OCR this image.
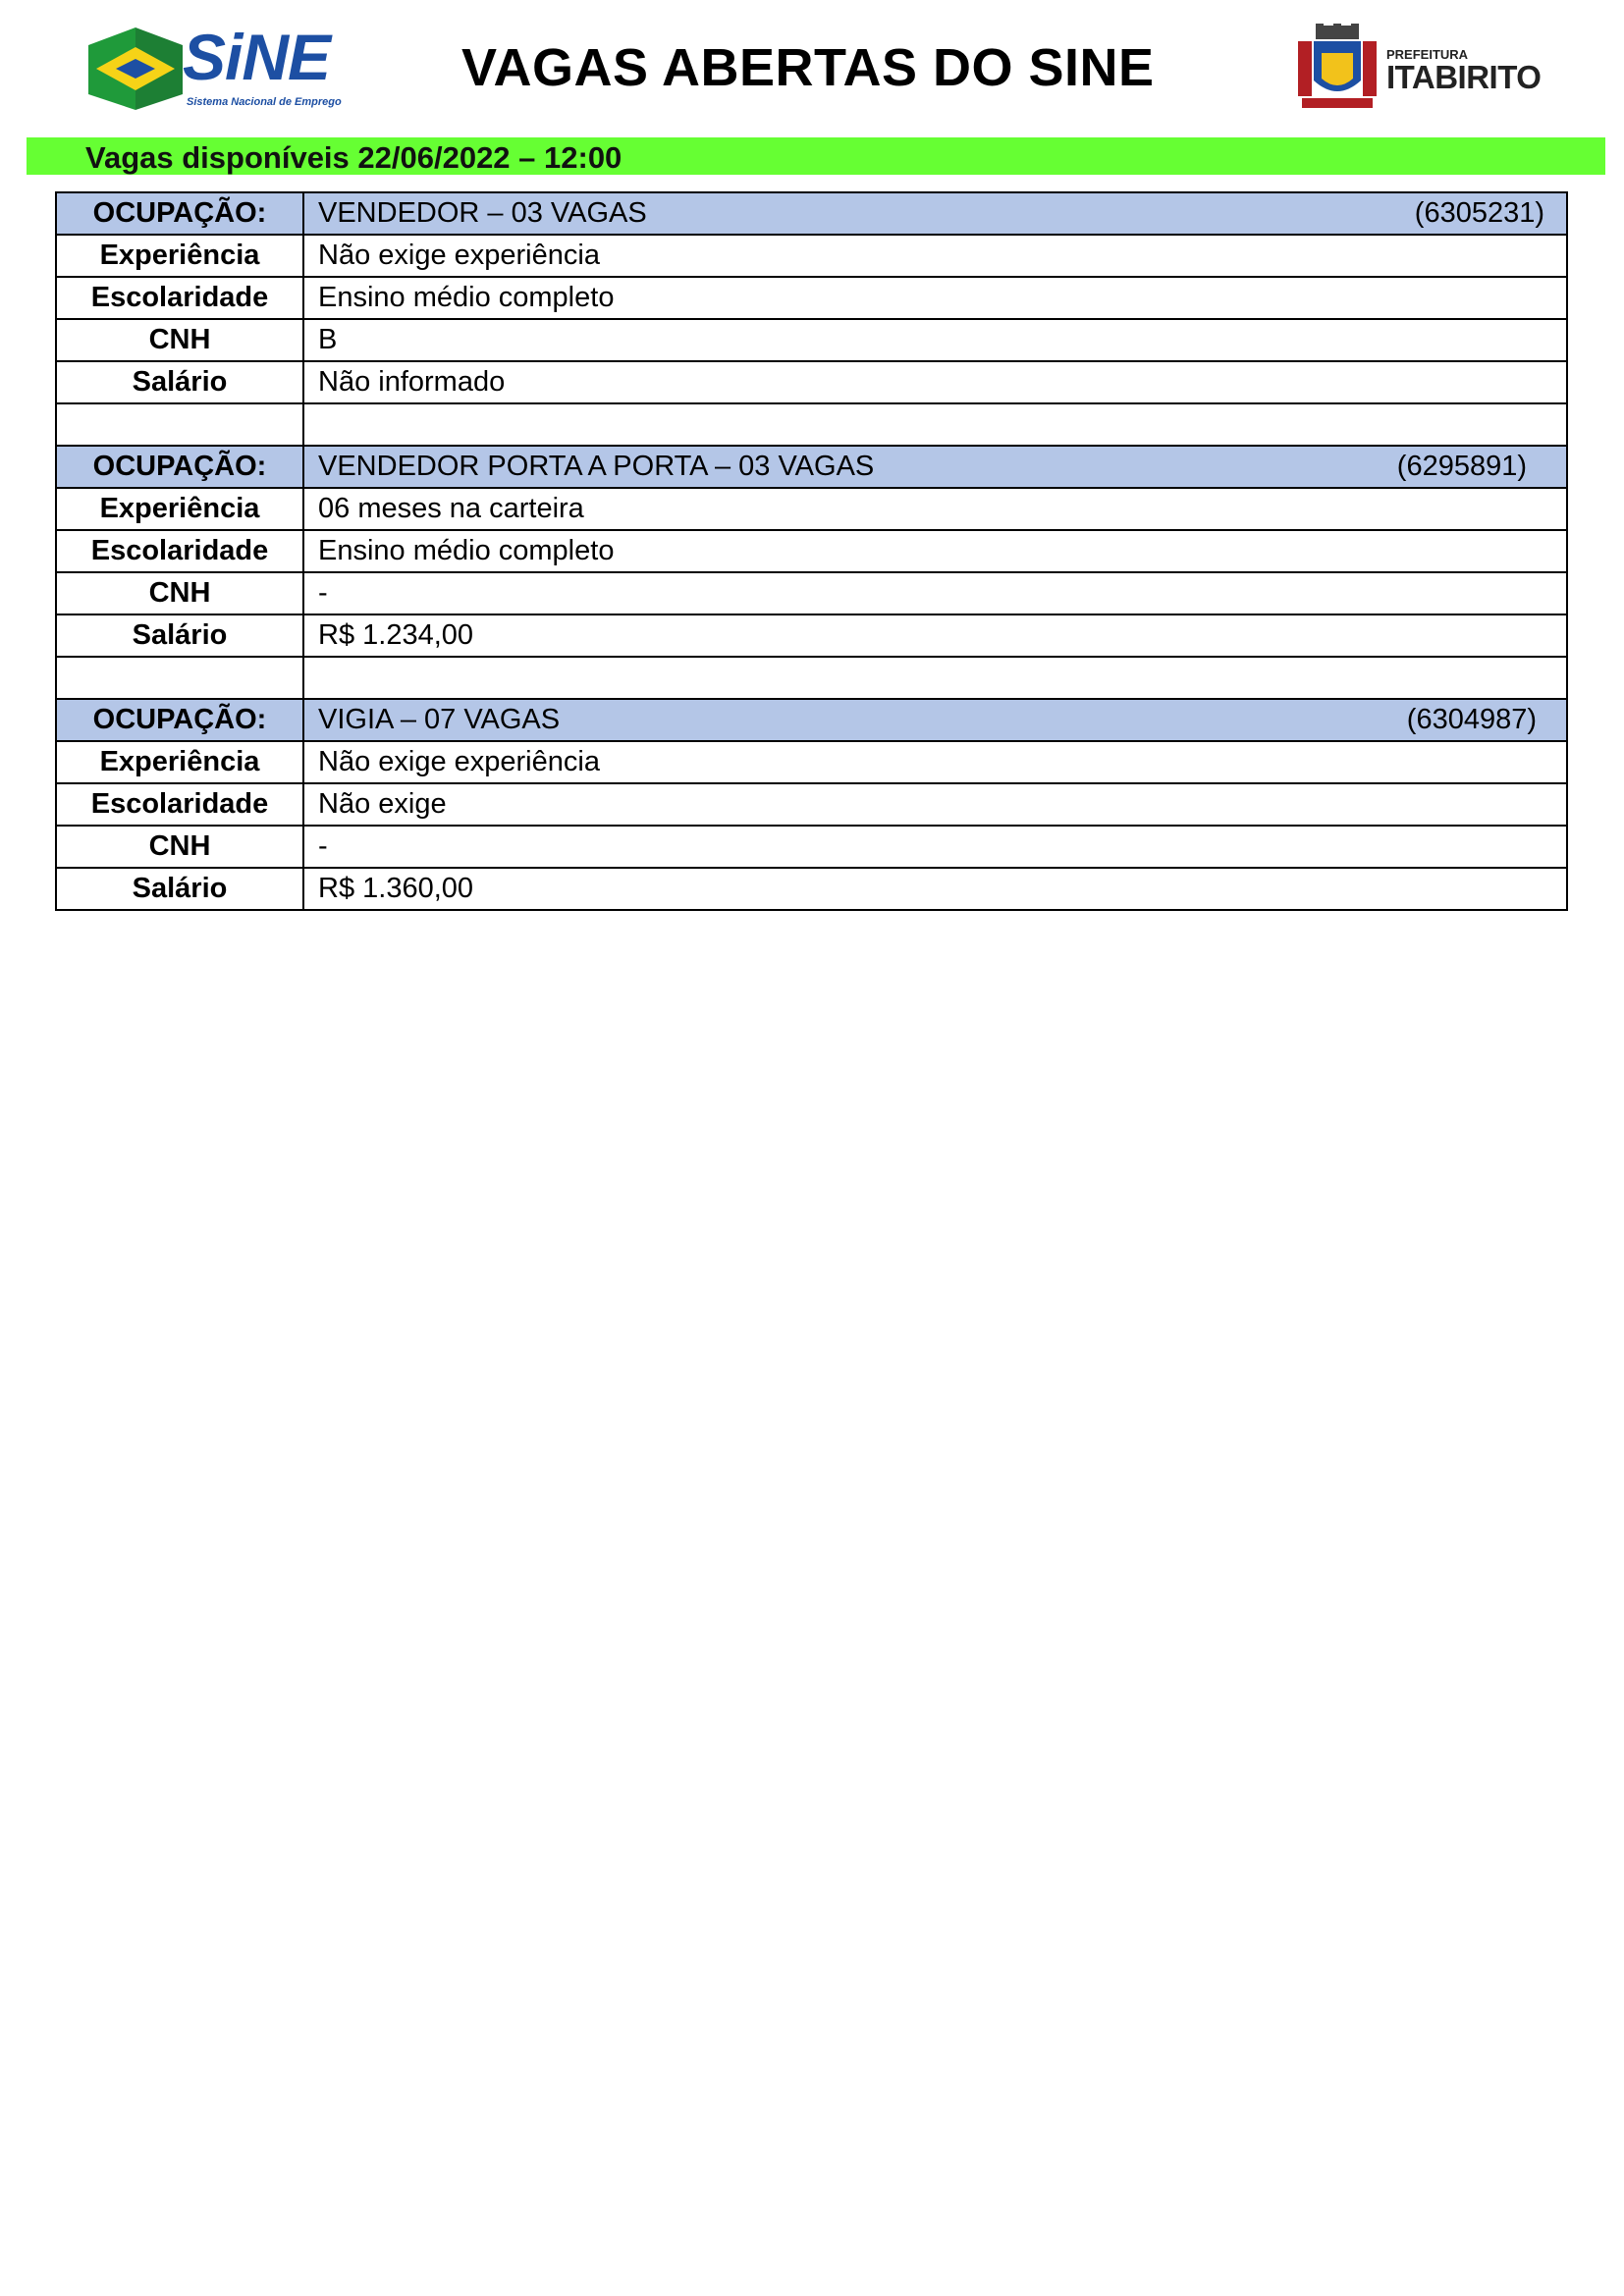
SiNE
Sistema Nacional de Emprego
VAGAS ABERTAS DO SINE	PREFEITURA
ITABIRITO
Vagas disponíveis 22/06/2022 – 12:00
OCUPAÇÃO:	VENDEDOR – 03 VAGAS (6305231)

Experiência	Não exige experiência
Escolaridade	Ensino médio completo
CNH	B
Salário	Não informado

OCUPAÇÃO:	VENDEDOR PORTA A PORTA – 03 VAGAS (6295891)

Experiência	06 meses na carteira
Escolaridade	Ensino médio completo
CNH	-
Salário	R$ 1.234,00

OCUPAÇÃO:	VIGIA – 07 VAGAS (6304987)

Experiência	Não exige experiência
Escolaridade	Não exige
CNH	-
Salário	R$ 1.360,00
